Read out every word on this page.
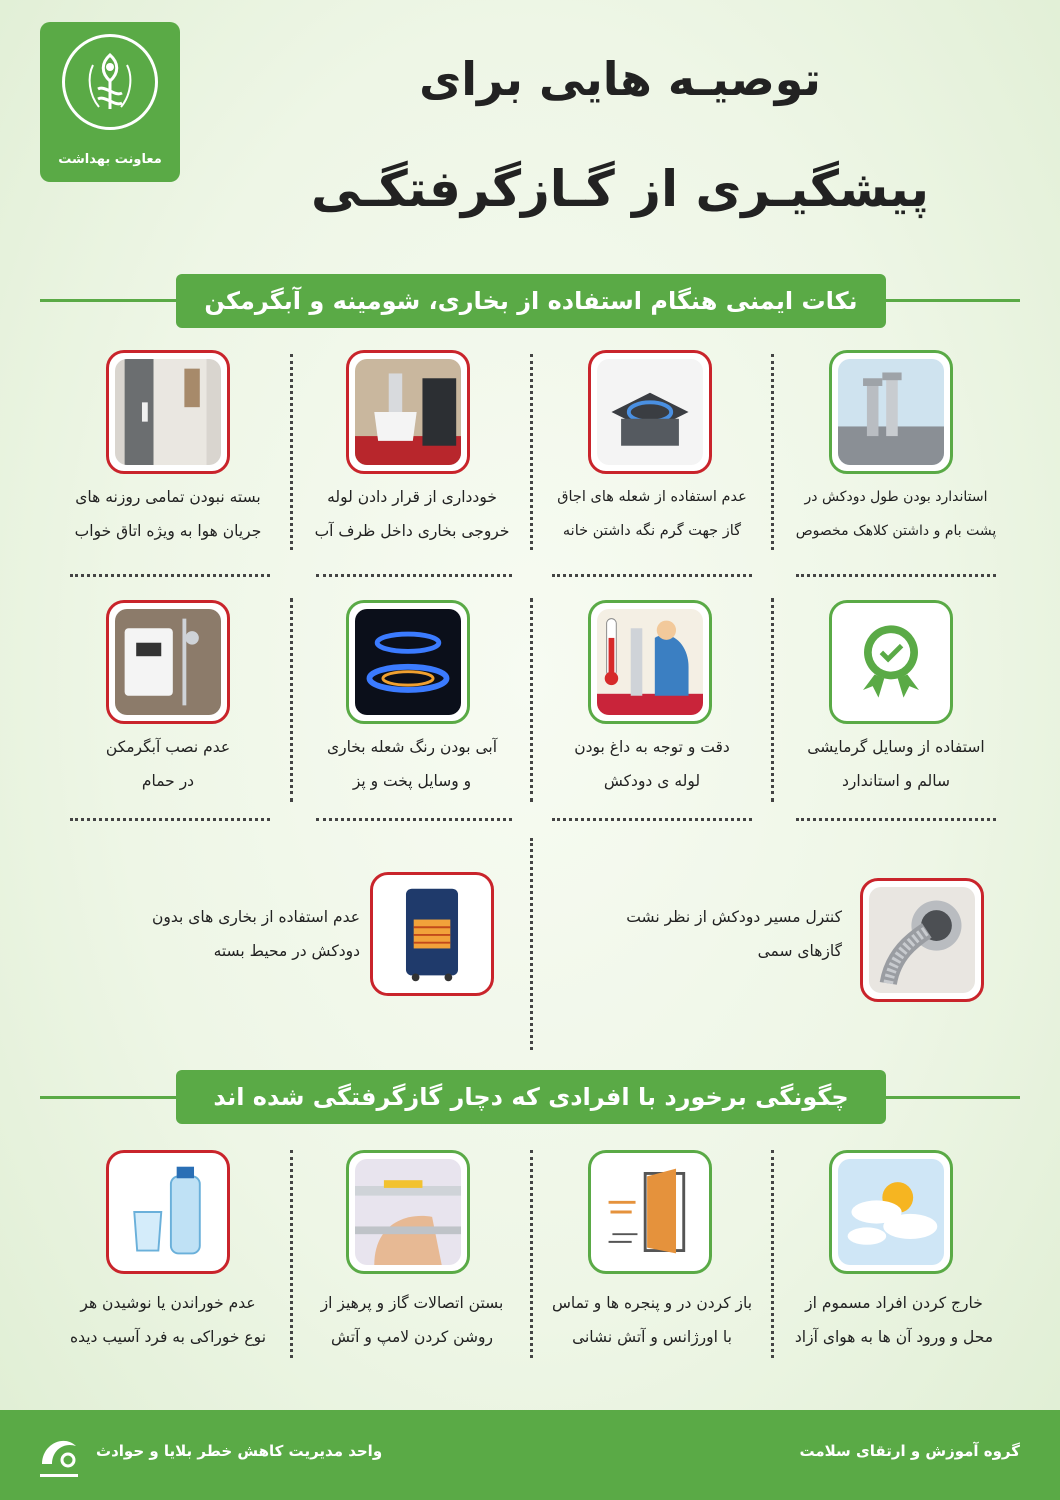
معاونت بهداشت
توصیـه هایی برای
پیشگیـری از گـازگرفتگـی
نکات ایمنی هنگام استفاده از بخاری، شومینه و آبگرمکن
استاندارد بودن طول دودکش در
پشت بام و داشتن کلاهک مخصوص
عدم استفاده از شعله های اجاق
گاز جهت گرم نگه داشتن خانه
خودداری از قرار دادن لوله
خروجی بخاری داخل ظرف آب
بسته نبودن تمامی روزنه های
جریان هوا به ویژه اتاق خواب
استفاده از وسایل گرمایشی
سالم و استاندارد
دقت و توجه به داغ بودن
لوله ی دودکش
آبی بودن رنگ شعله بخاری
و وسایل پخت و پز
عدم نصب آبگرمکن
در حمام
کنترل مسیر دودکش از نظر نشت
گازهای سمی
عدم استفاده از بخاری های بدون
دودکش در محیط بسته
چگونگی برخورد با افرادی که دچار گازگرفتگی شده اند
خارج کردن افراد مسموم از
محل و ورود آن ها به هوای آزاد
باز کردن در و پنجره ها و تماس
با اورژانس و آتش نشانی
بستن اتصالات گاز و پرهیز از
روشن کردن لامپ و آتش
عدم خوراندن یا نوشیدن هر
نوع خوراکی به فرد آسیب دیده
واحد مدیریت کاهش خطر بلایا و حوادث	گروه آموزش و ارتقای سلامت
